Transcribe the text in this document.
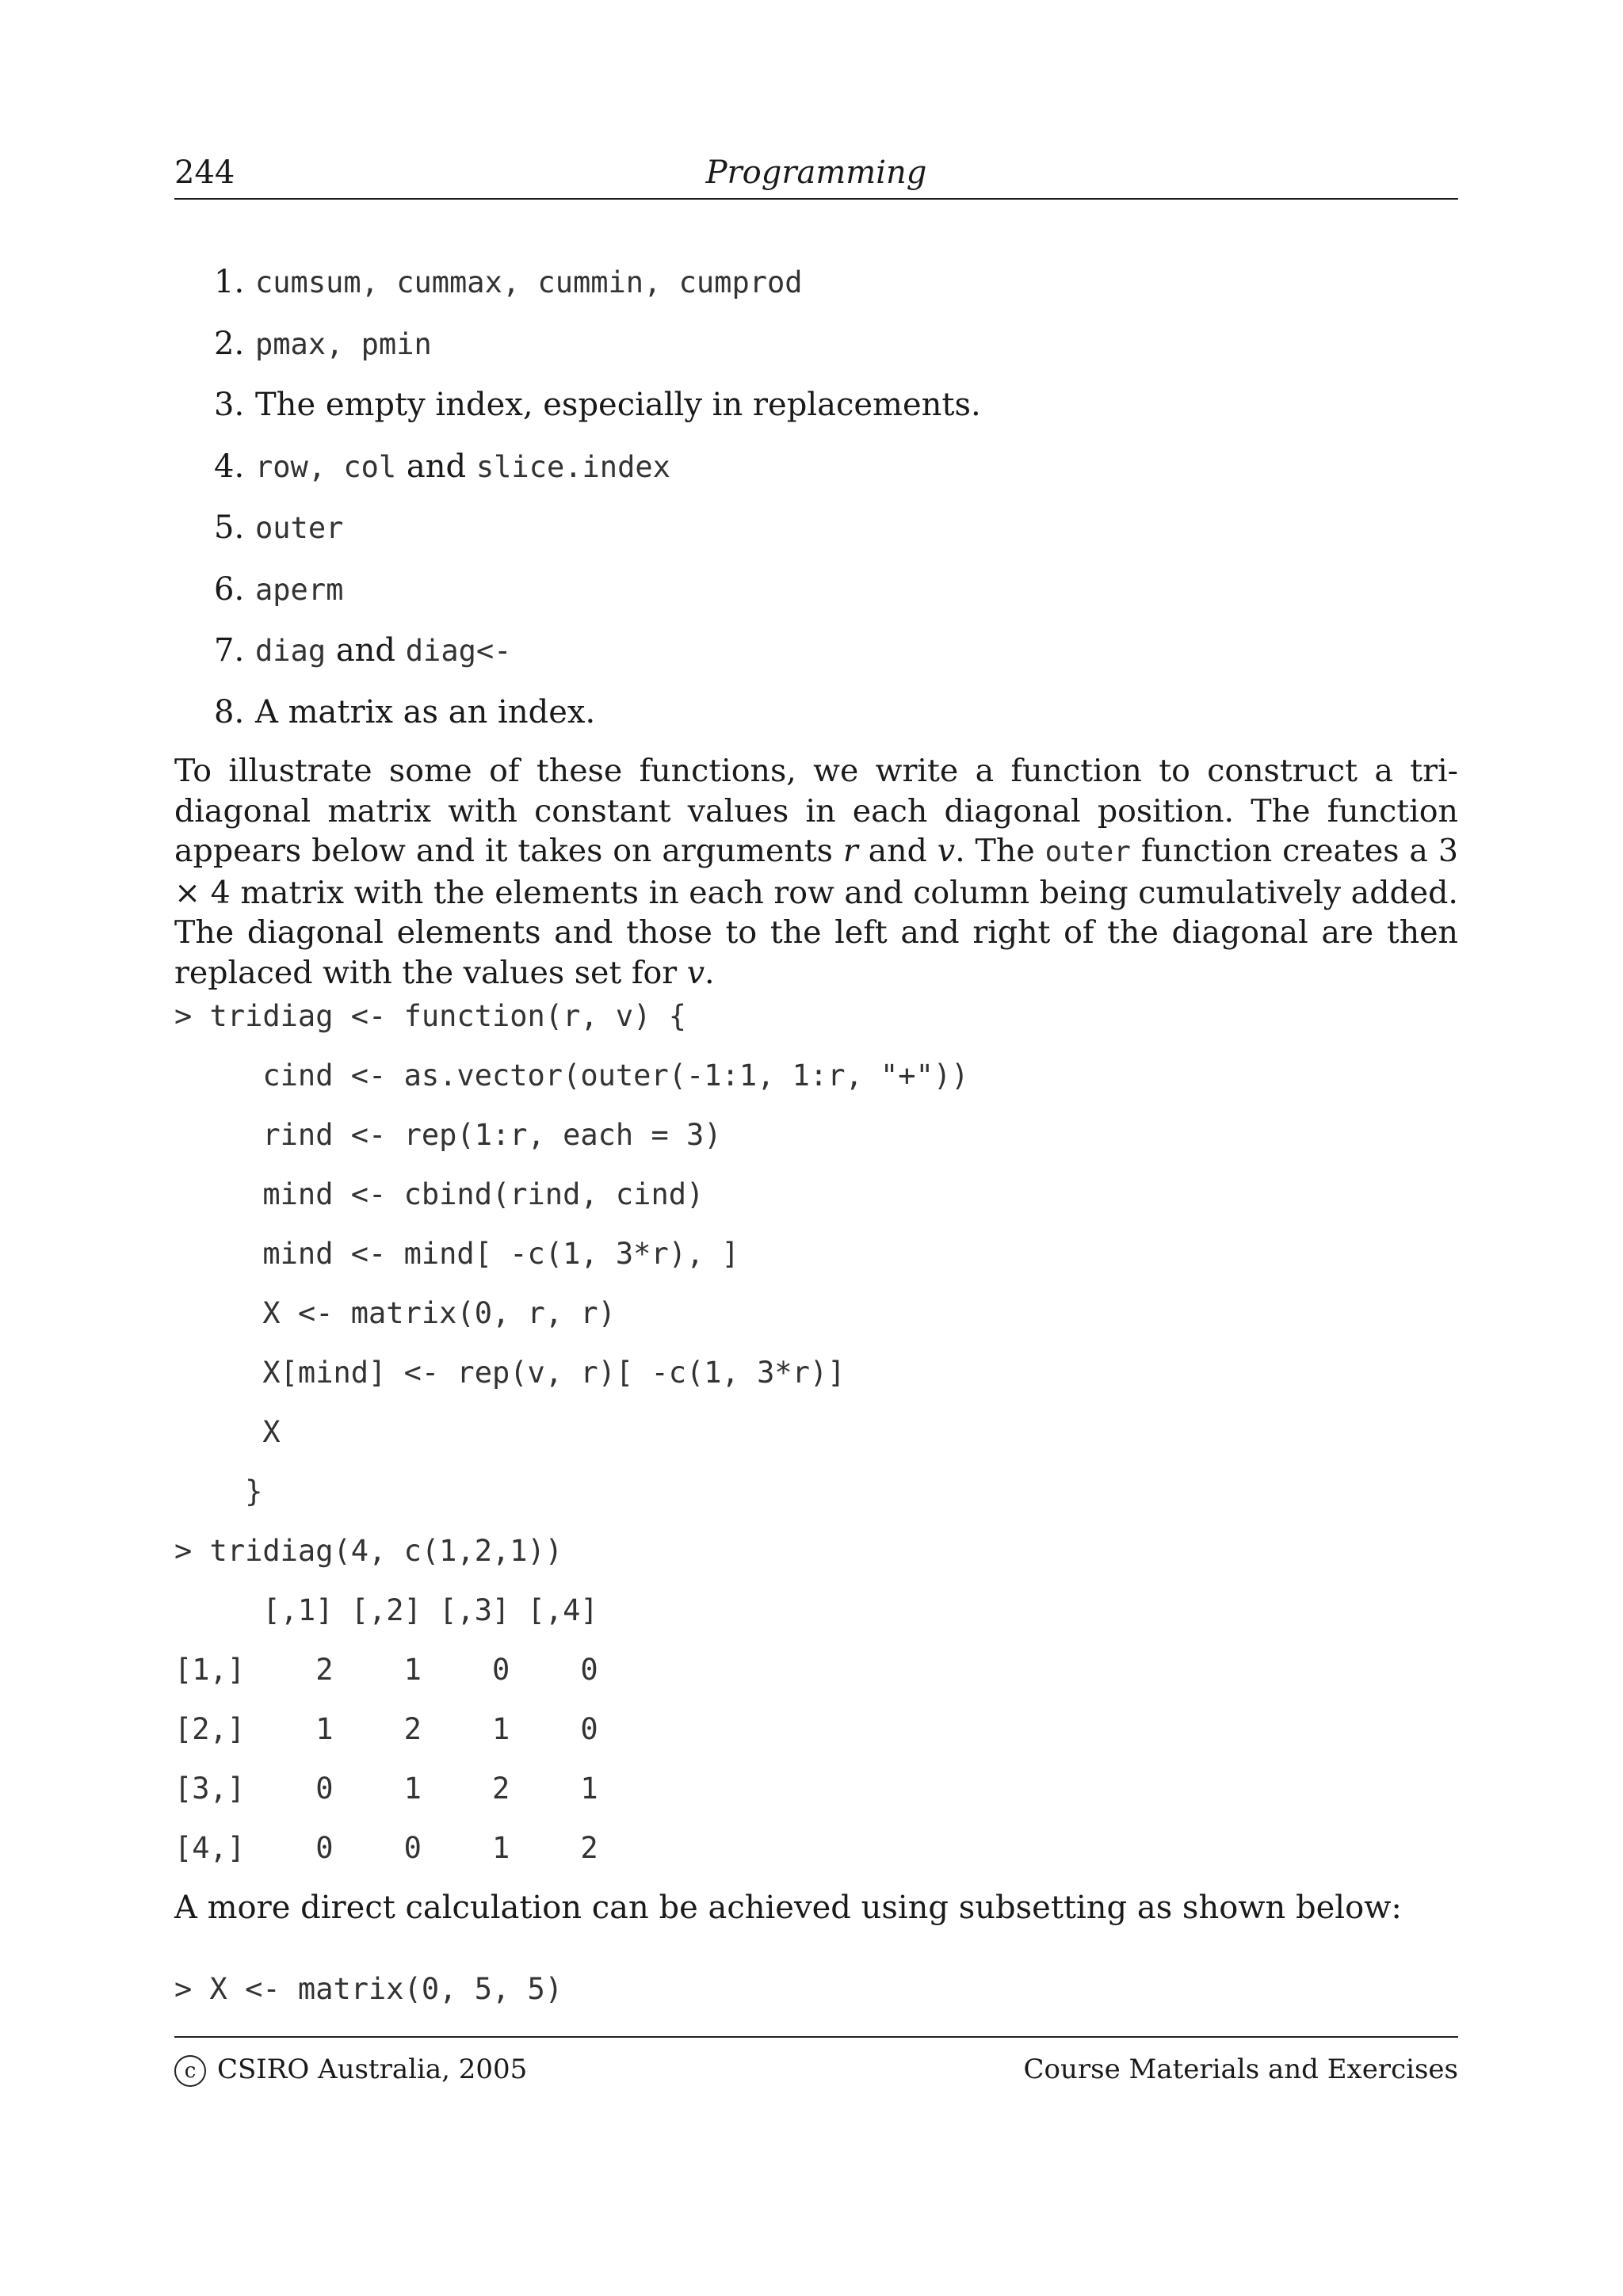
244	Programming
1. cumsum, cummax, cummin, cumprod
2. pmax, pmin
3. The empty index, especially in replacements.
4. row, col and slice.index
5. outer
6. aperm
7. diag and diag<-
8. A matrix as an index.
To illustrate some of these functions, we write a function to construct a tri-diagonal matrix with constant values in each diagonal position. The function appears below and it takes on arguments r and v. The outer function creates a 3 × 4 matrix with the elements in each row and column being cumulatively added. The diagonal elements and those to the left and right of the diagonal are then replaced with the values set for v.
> tridiag <- function(r, v) {
cind <- as.vector(outer(-1:1, 1:r, "+"))
rind <- rep(1:r, each = 3)
mind <- cbind(rind, cind)
mind <- mind[ -c(1, 3*r), ]
X <- matrix(0, r, r)
X[mind] <- rep(v, r)[ -c(1, 3*r)]
X
}
> tridiag(4, c(1,2,1))
[,1] [,2] [,3] [,4]
[1,]    2    1    0    0
[2,]    1    2    1    0
[3,]    0    1    2    1
[4,]    0    0    1    2
A more direct calculation can be achieved using subsetting as shown below:
> X <- matrix(0, 5, 5)
c CSIRO Australia, 2005	Course Materials and Exercises
